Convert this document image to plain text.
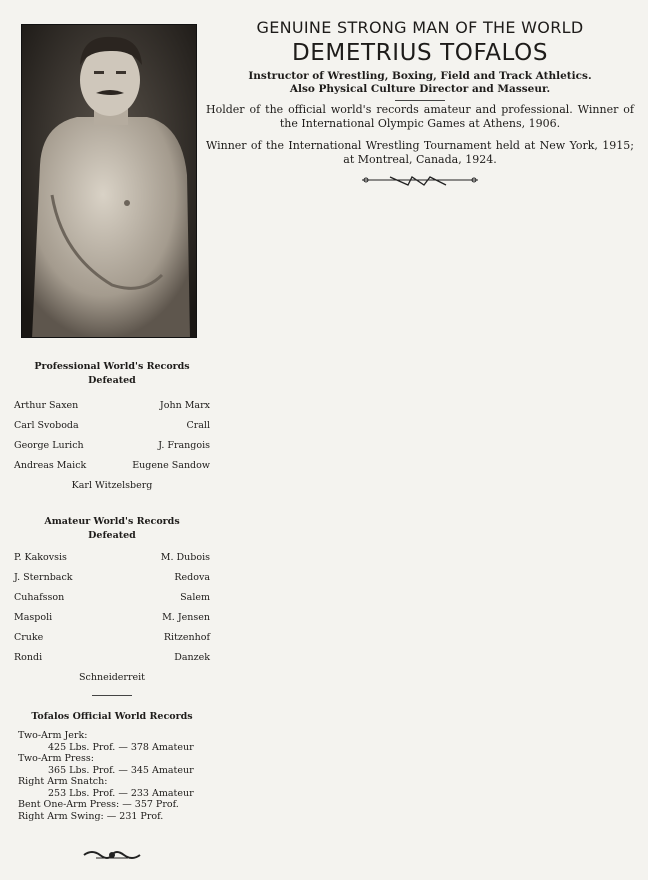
GENUINE STRONG MAN OF THE WORLD
DEMETRIUS TOFALOS
Instructor of Wrestling, Boxing, Field and Track Athletics.
Also Physical Culture Director and Masseur.

Holder of the official world's records amateur and professional. Winner of the International Olympic Games at Athens, 1906.

Winner of the International Wrestling Tournament held at New York, 1915; at Montreal, Canada, 1924.

Professional World's Records
Defeated
Arthur Saxen	John Marx
Carl Svoboda	Crall
George Lurich	J. Frangois
Andreas Maick	Eugene Sandow
Karl Witzelsberg
Amateur World's Records
Defeated
P. Kakovsis	M. Dubois
J. Sternback	Redova
Cuhafsson	Salem
Maspoli	M. Jensen
Cruke	Ritzenhof
Rondi	Danzek
Schneiderreit
Tofalos Official World Records
Two-Arm Jerk:
425 Lbs. Prof. — 378 Amateur
Two-Arm Press:
365 Lbs. Prof. — 345 Amateur
Right Arm Snatch:
253 Lbs. Prof. — 233 Amateur
Bent One-Arm Press: — 357 Prof.
Right Arm Swing: — 231 Prof.
